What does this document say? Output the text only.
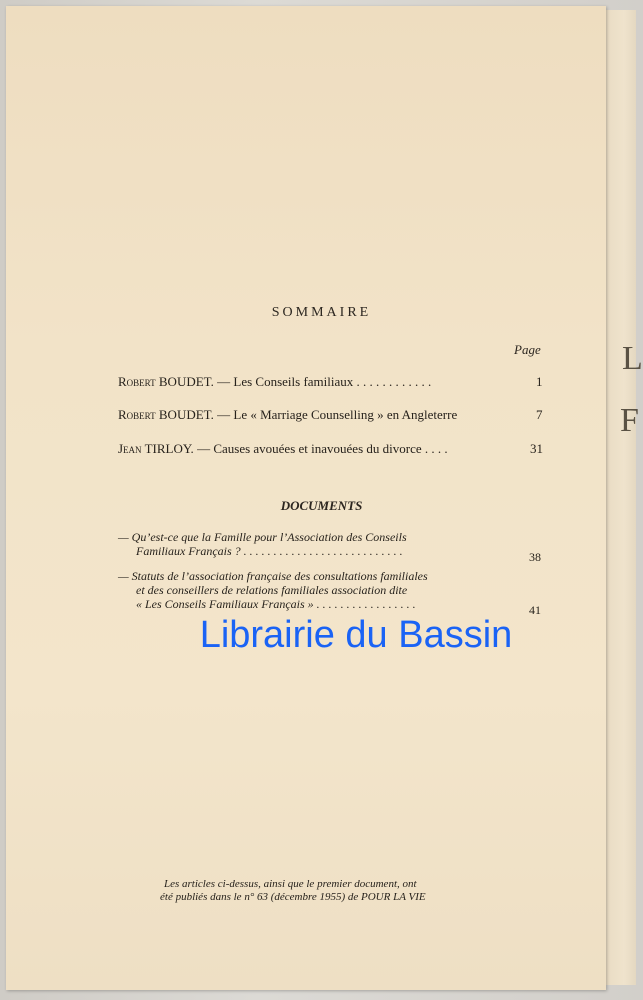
L
F
SOMMAIRE
Page
Robert BOUDET. — Les Conseils familiaux . . . . . . . . . . . .	1
Robert BOUDET. — Le « Marriage Counselling » en Angleterre	7
Jean TIRLOY. — Causes avouées et inavouées du divorce . . . .	31
DOCUMENTS
— Qu’est-ce que la Famille pour l’Association des Conseils
Familiaux Français ? . . . . . . . . . . . . . . . . . . . . . . . . . . .	38
— Statuts de l’association française des consultations familiales
et des conseillers de relations familiales association dite
« Les Conseils Familiaux Français » . . . . . . . . . . . . . . . . .	41
Librairie du Bassin
Les articles ci-dessus, ainsi que le premier document, ont
été publiés dans le n° 63 (décembre 1955) de POUR LA VIE
